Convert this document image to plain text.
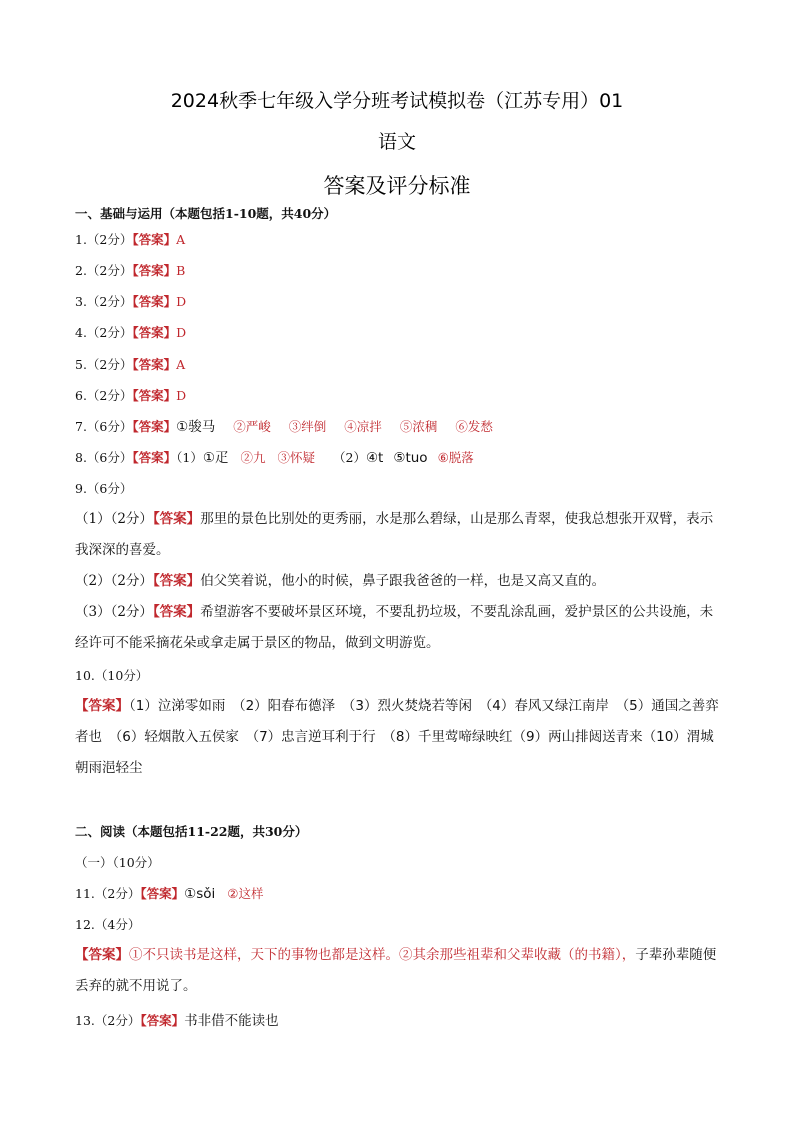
2024秋季七年级入学分班考试模拟卷（江苏专用）01
语文
答案及评分标准
一、基础与运用（本题包括1-10题，共40分）
1.（2分）【答案】A
2.（2分）【答案】B
3.（2分）【答案】D
4.（2分）【答案】D
5.（2分）【答案】A
6.（2分）【答案】D
7.（6分）【答案】①骏马 ②严峻 ③绊倒 ④凉拌 ⑤浓稠 ⑥发愁
8.（6分）【答案】（1）①疋 ②九 ③怀疑 （2）④t ⑤tuo ⑥脱落
9.（6分）
（1）（2分）【答案】那里的景色比别处的更秀丽，水是那么碧绿，山是那么青翠，使我总想张开双臂，表示我深深的喜爱。
（2）（2分）【答案】伯父笑着说，他小的时候，鼻子跟我爸爸的一样，也是又高又直的。
（3）（2分）【答案】希望游客不要破坏景区环境，不要乱扔垃圾，不要乱涂乱画，爱护景区的公共设施，未经许可不能采摘花朵或拿走属于景区的物品，做到文明游览。
10.（10分）
【答案】（1）泣涕零如雨　（2）阳春布德泽　（3）烈火焚烧若等闲　（4）春风又绿江南岸　（5）通国之善弈者也　（6）轻烟散入五侯家　（7）忠言逆耳利于行　（8）千里莺啼绿映红（9）两山排闼送青来（10）渭城朝雨浥轻尘
二、阅读（本题包括11-22题，共30分）
（一）（10分）
11.（2分）【答案】①sǒi ②这样
12.（4分）
【答案】①不只读书是这样，天下的事物也都是这样。②其余那些祖辈和父辈收藏（的书籍），子辈孙辈随便丢弃的就不用说了。
13.（2分）【答案】书非借不能读也
